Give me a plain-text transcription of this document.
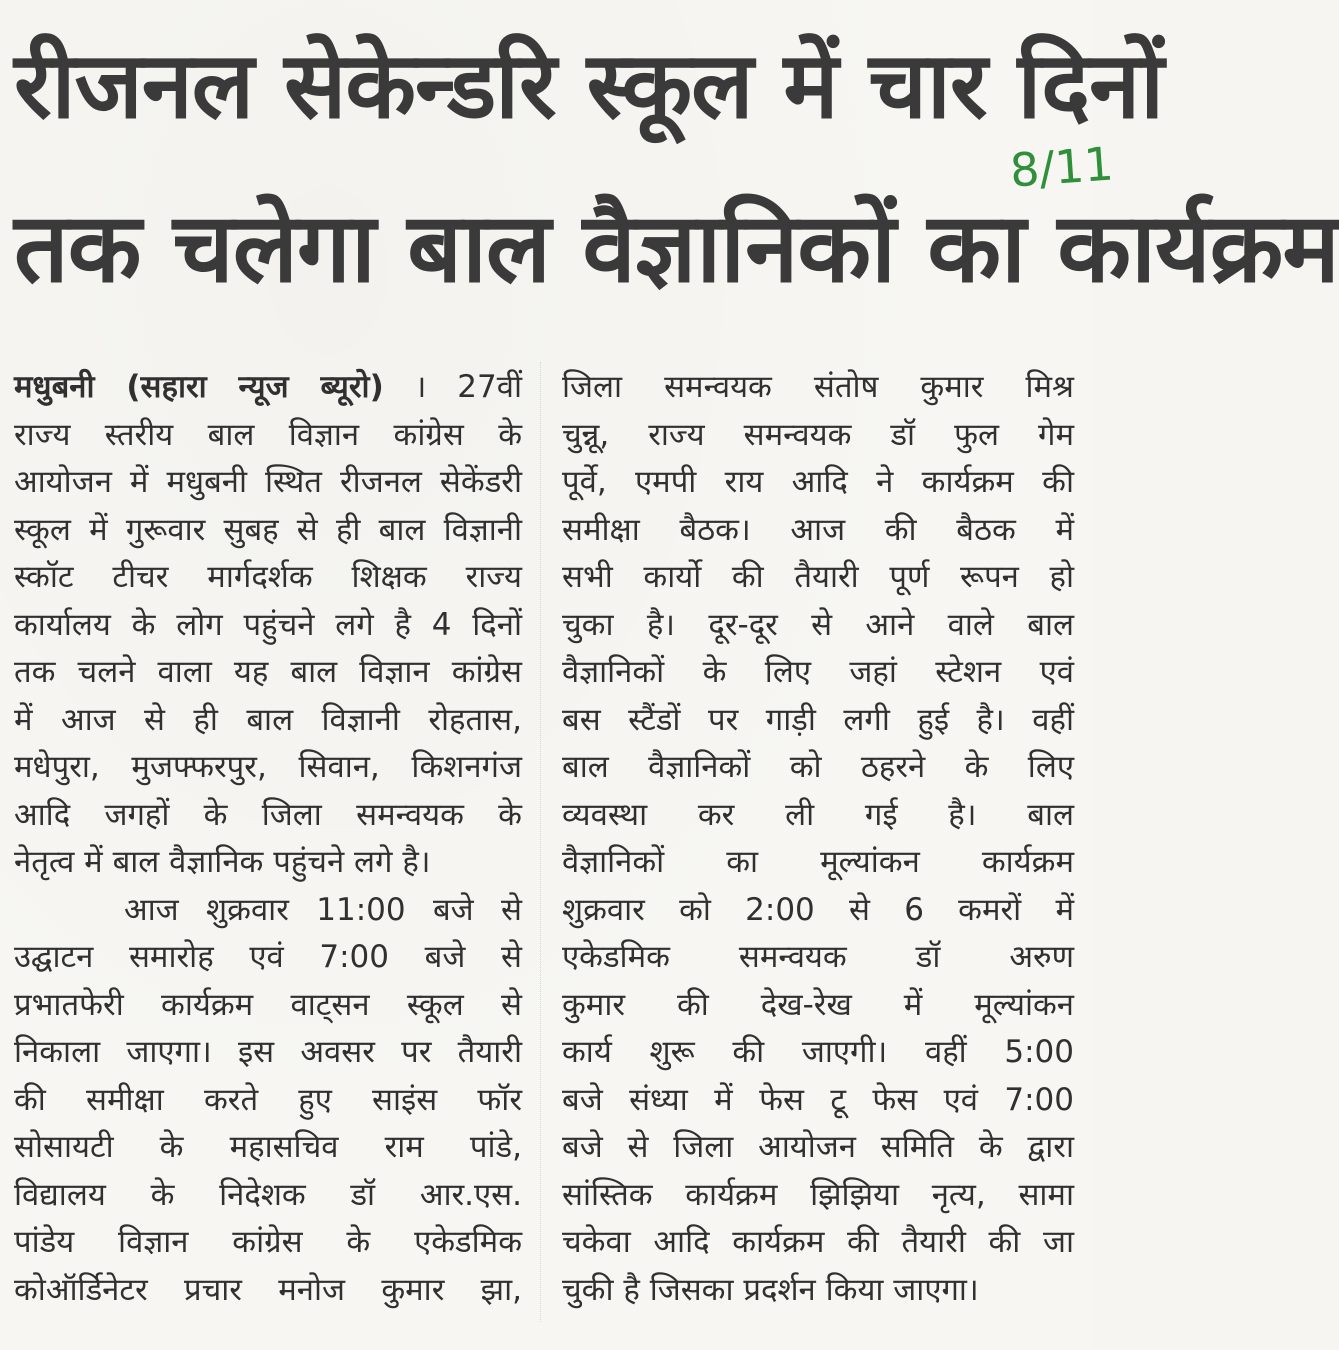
रीजनल सेकेन्डरि स्कूल में चार दिनों
तक चलेगा बाल वैज्ञानिकों का कार्यक्रम
8/11
मधुबनी (सहारा न्यूज ब्यूरो) । 27वीं
राज्य स्तरीय बाल विज्ञान कांग्रेस के
आयोजन में मधुबनी स्थित रीजनल सेकेंडरी
स्कूल में गुरूवार सुबह से ही बाल विज्ञानी
स्कॉट टीचर मार्गदर्शक शिक्षक राज्य
कार्यालय के लोग पहुंचने लगे है 4 दिनों
तक चलने वाला यह बाल विज्ञान कांग्रेस
में आज से ही बाल विज्ञानी रोहतास,
मधेपुरा, मुजफ्फरपुर, सिवान, किशनगंज
आदि जगहों के जिला समन्वयक के
नेतृत्व में बाल वैज्ञानिक पहुंचने लगे है।
आज शुक्रवार 11:00 बजे से
उद्घाटन समारोह एवं 7:00 बजे से
प्रभातफेरी कार्यक्रम वाट्सन स्कूल से
निकाला जाएगा। इस अवसर पर तैयारी
की समीक्षा करते हुए साइंस फॉर
सोसायटी के महासचिव राम पांडे,
विद्यालय के निदेशक डॉ आर.एस.
पांडेय विज्ञान कांग्रेस के एकेडमिक
कोऑर्डिनेटर प्रचार मनोज कुमार झा,
जिला समन्वयक संतोष कुमार मिश्र
चुन्नू, राज्य समन्वयक डॉ फुल गेम
पूर्वे, एमपी राय आदि ने कार्यक्रम की
समीक्षा बैठक। आज की बैठक में
सभी कार्यो की तैयारी पूर्ण रूपन हो
चुका है। दूर-दूर से आने वाले बाल
वैज्ञानिकों के लिए जहां स्टेशन एवं
बस स्टैंडों पर गाड़ी लगी हुई है। वहीं
बाल वैज्ञानिकों को ठहरने के लिए
व्यवस्था कर ली गई है। बाल
वैज्ञानिकों का मूल्यांकन कार्यक्रम
शुक्रवार को 2:00 से 6 कमरों में
एकेडमिक समन्वयक डॉ अरुण
कुमार की देख-रेख में मूल्यांकन
कार्य शुरू की जाएगी। वहीं 5:00
बजे संध्या में फेस टू फेस एवं 7:00
बजे से जिला आयोजन समिति के द्वारा
सांस्तिक कार्यक्रम झिझिया नृत्य, सामा
चकेवा आदि कार्यक्रम की तैयारी की जा
चुकी है जिसका प्रदर्शन किया जाएगा।
